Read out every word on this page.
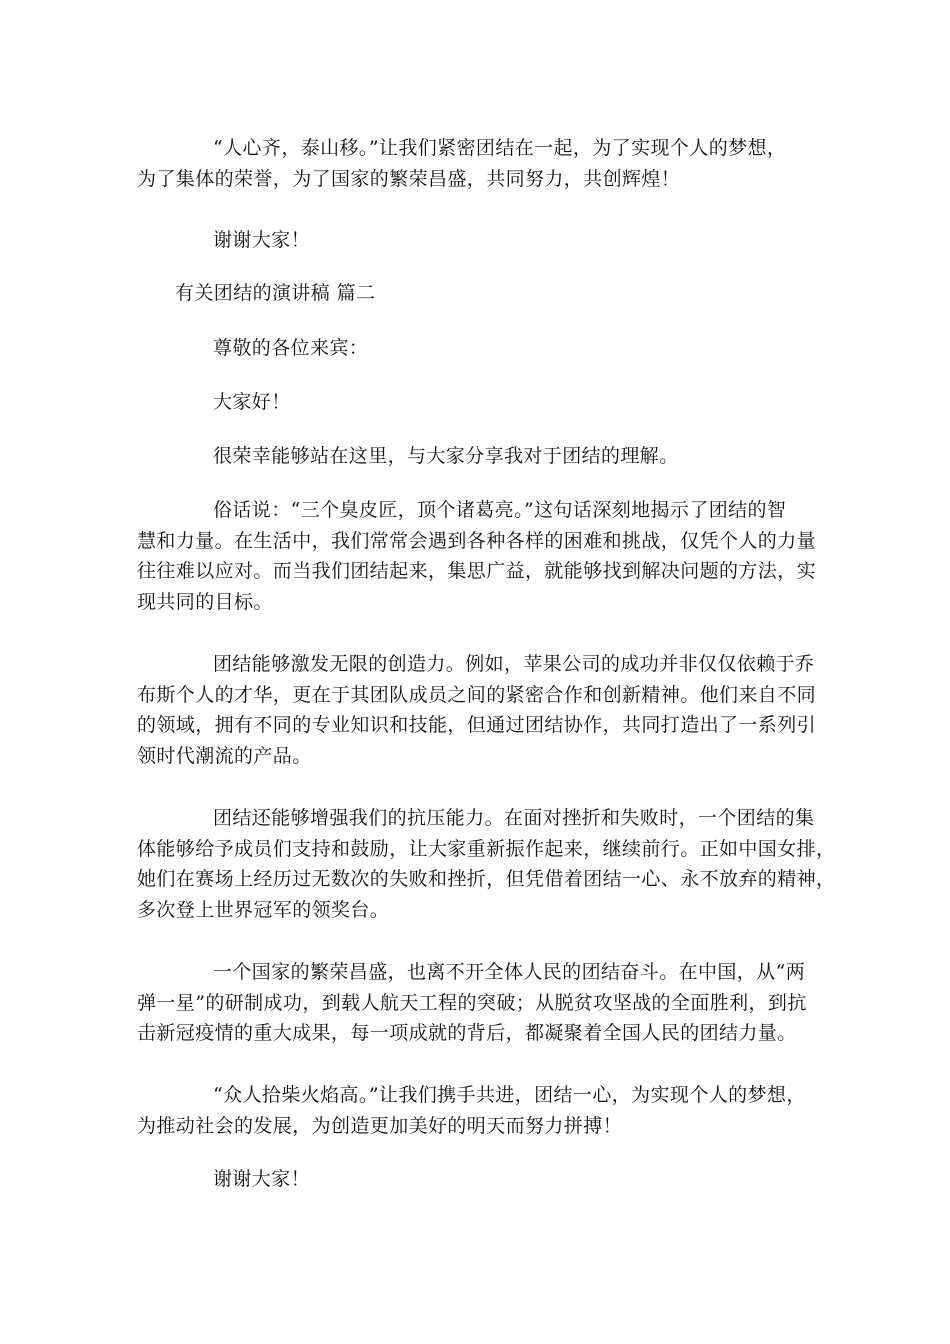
“人心齐，泰山移。”让我们紧密团结在一起，为了实现个人的梦想，
为了集体的荣誉，为了国家的繁荣昌盛，共同努力，共创辉煌！
谢谢大家！
有关团结的演讲稿 篇二
尊敬的各位来宾：
大家好！
很荣幸能够站在这里，与大家分享我对于团结的理解。
俗话说：“三个臭皮匠，顶个诸葛亮。”这句话深刻地揭示了团结的智
慧和力量。在生活中，我们常常会遇到各种各样的困难和挑战，仅凭个人的力量
往往难以应对。而当我们团结起来，集思广益，就能够找到解决问题的方法，实
现共同的目标。
团结能够激发无限的创造力。例如，苹果公司的成功并非仅仅依赖于乔
布斯个人的才华，更在于其团队成员之间的紧密合作和创新精神。他们来自不同
的领域，拥有不同的专业知识和技能，但通过团结协作，共同打造出了一系列引
领时代潮流的产品。
团结还能够增强我们的抗压能力。在面对挫折和失败时，一个团结的集
体能够给予成员们支持和鼓励，让大家重新振作起来，继续前行。正如中国女排，
她们在赛场上经历过无数次的失败和挫折，但凭借着团结一心、永不放弃的精神，
多次登上世界冠军的领奖台。
一个国家的繁荣昌盛，也离不开全体人民的团结奋斗。在中国，从“两
弹一星”的研制成功，到载人航天工程的突破；从脱贫攻坚战的全面胜利，到抗
击新冠疫情的重大成果，每一项成就的背后，都凝聚着全国人民的团结力量。
“众人拾柴火焰高。”让我们携手共进，团结一心，为实现个人的梦想，
为推动社会的发展，为创造更加美好的明天而努力拼搏！
谢谢大家！
